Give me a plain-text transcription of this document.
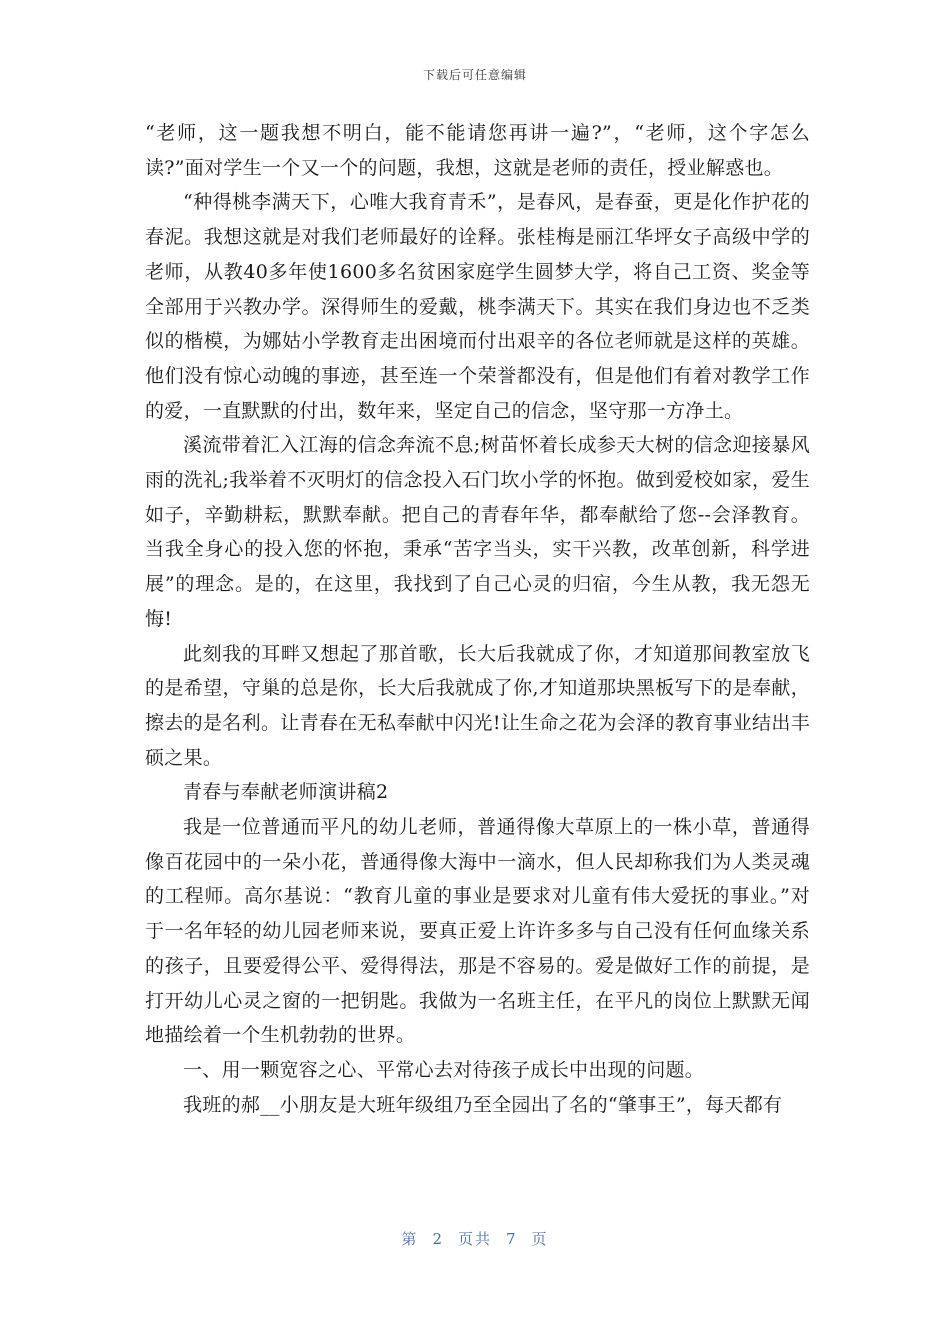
下载后可任意编辑

“老师，这一题我想不明白，能不能请您再讲一遍?”，“老师，这个字怎么读?”面对学生一个又一个的问题，我想，这就是老师的责任，授业解惑也。

“种得桃李满天下，心唯大我育青禾”，是春风，是春蚕，更是化作护花的春泥。我想这就是对我们老师最好的诠释。张桂梅是丽江华坪女子高级中学的老师，从教40多年使1600多名贫困家庭学生圆梦大学，将自己工资、奖金等全部用于兴教办学。深得师生的爱戴，桃李满天下。其实在我们身边也不乏类似的楷模，为娜姑小学教育走出困境而付出艰辛的各位老师就是这样的英雄。他们没有惊心动魄的事迹，甚至连一个荣誉都没有，但是他们有着对教学工作的爱，一直默默的付出，数年来，坚定自己的信念，坚守那一方净土。

溪流带着汇入江海的信念奔流不息;树苗怀着长成参天大树的信念迎接暴风雨的洗礼;我举着不灭明灯的信念投入石门坎小学的怀抱。做到爱校如家，爱生如子，辛勤耕耘，默默奉献。把自己的青春年华，都奉献给了您--会泽教育。当我全身心的投入您的怀抱，秉承“苦字当头，实干兴教，改革创新，科学进展”的理念。是的，在这里，我找到了自己心灵的归宿，今生从教，我无怨无悔!

此刻我的耳畔又想起了那首歌，长大后我就成了你，才知道那间教室放飞的是希望，守巢的总是你，长大后我就成了你,才知道那块黑板写下的是奉献，擦去的是名利。让青春在无私奉献中闪光!让生命之花为会泽的教育事业结出丰硕之果。

青春与奉献老师演讲稿2

我是一位普通而平凡的幼儿老师，普通得像大草原上的一株小草，普通得像百花园中的一朵小花，普通得像大海中一滴水，但人民却称我们为人类灵魂的工程师。高尔基说：“教育儿童的事业是要求对儿童有伟大爱抚的事业。”对于一名年轻的幼儿园老师来说，要真正爱上许许多多与自己没有任何血缘关系的孩子，且要爱得公平、爱得得法，那是不容易的。爱是做好工作的前提，是打开幼儿心灵之窗的一把钥匙。我做为一名班主任，在平凡的岗位上默默无闻地描绘着一个生机勃勃的世界。

一、用一颗宽容之心、平常心去对待孩子成长中出现的问题。

我班的郝__小朋友是大班年级组乃至全园出了名的“肇事王”，每天都有

第 2 页共 7 页
